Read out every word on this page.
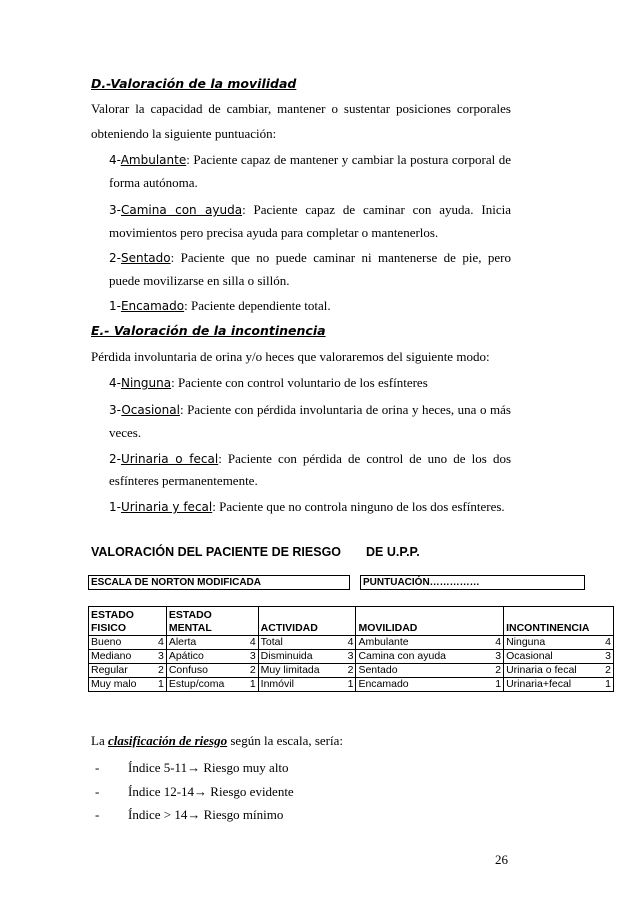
D.-Valoración de la movilidad
Valorar la capacidad de cambiar, mantener o sustentar posiciones corporales
obteniendo la siguiente puntuación:
4-Ambulante: Paciente capaz de mantener y cambiar la postura corporal de
forma autónoma.
3-Camina con ayuda: Paciente capaz de caminar con ayuda. Inicia
movimientos pero precisa ayuda para completar o mantenerlos.
2-Sentado: Paciente que no puede caminar ni mantenerse de pie, pero
puede movilizarse en silla o sillón.
1-Encamado: Paciente dependiente total.
E.- Valoración de la incontinencia
Pérdida involuntaria de orina y/o heces que valoraremos del siguiente modo:
4-Ninguna: Paciente con control voluntario de los esfínteres
3-Ocasional: Paciente con pérdida involuntaria de orina y heces, una o más
veces.
2-Urinaria o fecal: Paciente con pérdida de control de uno de los dos
esfínteres permanentemente.
1-Urinaria y fecal: Paciente que no controla ninguno de los dos esfínteres.
VALORACIÓN DEL PACIENTE DE RIESGO DE U.P.P.
ESCALA DE NORTON MODIFICADA	PUNTUACIÓN……………
ESTADO
FISICO		ESTADO
MENTAL		ACTIVIDAD		MOVILIDAD		INCONTINENCIA	
Bueno	4	Alerta	4	Total	4	Ambulante	4	Ninguna	4
Mediano	3	Apático	3	Disminuida	3	Camina con ayuda	3	Ocasional	3
Regular	2	Confuso	2	Muy limitada	2	Sentado	2	Urinaria o fecal	2
Muy malo	1	Estup/coma	1	Inmóvil	1	Encamado	1	Urinaria+fecal	1
La clasificación de riesgo según la escala, sería:
- Índice 5-11→ Riesgo muy alto
- Índice 12-14→ Riesgo evidente
- Índice > 14→ Riesgo mínimo
26
